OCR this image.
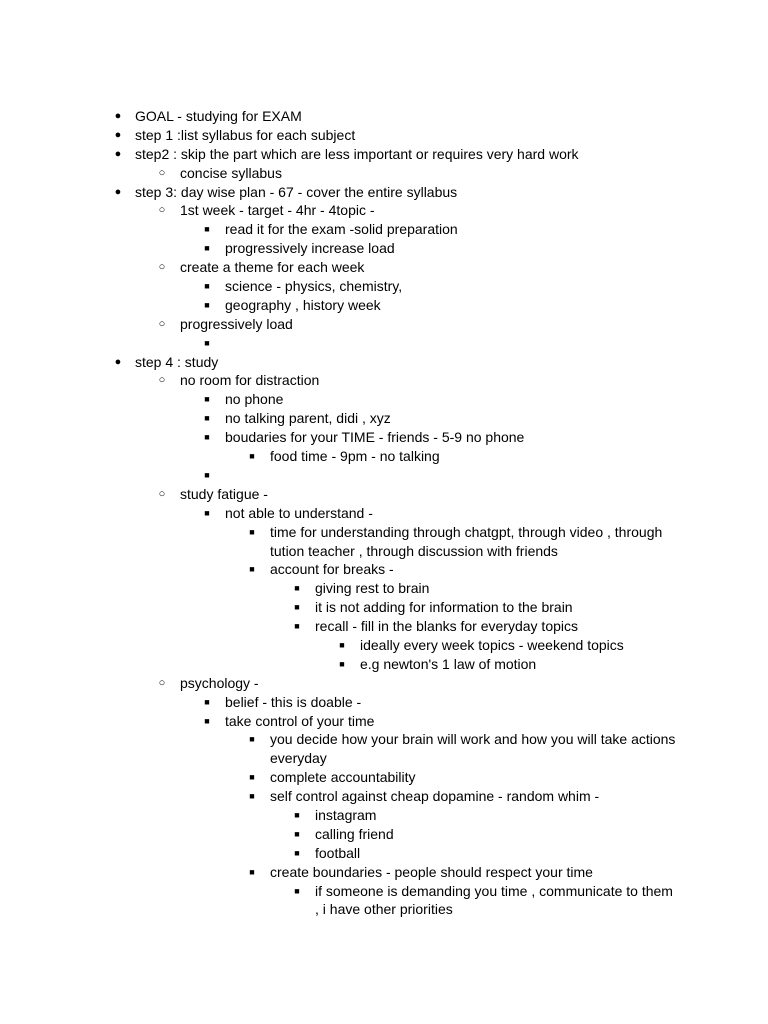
● GOAL - studying for EXAM
● step 1 :list syllabus for each subject
● step2 : skip the part which are less important or requires very hard work
○ concise syllabus
● step 3: day wise plan - 67 - cover the entire syllabus
○ 1st week - target - 4hr - 4topic -
■ read it for the exam -solid preparation
■ progressively increase load
○ create a theme for each week
■ science - physics, chemistry,
■ geography , history week
○ progressively load
■
● step 4 : study
○ no room for distraction
■ no phone
■ no talking parent, didi , xyz
■ boudaries for your TIME - friends - 5-9 no phone
■ food time - 9pm - no talking
■
○ study fatigue -
■ not able to understand -
■ time for understanding through chatgpt, through video , through tution teacher , through discussion with friends
■ account for breaks -
■ giving rest to brain
■ it is not adding for information to the brain
■ recall - fill in the blanks for everyday topics
■ ideally every week topics - weekend topics
■ e.g newton's 1 law of motion
○ psychology -
■ belief - this is doable -
■ take control of your time
■ you decide how your brain will work and how you will take actions everyday
■ complete accountability
■ self control against cheap dopamine - random whim -
■ instagram
■ calling friend
■ football
■ create boundaries - people should respect your time
■ if someone is demanding you time , communicate to them , i have other priorities
